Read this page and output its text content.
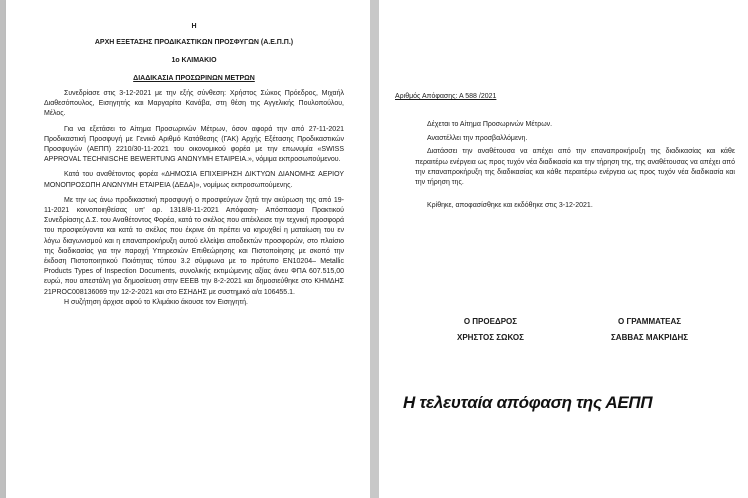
Η
ΑΡΧΗ ΕΞΕΤΑΣΗΣ ΠΡΟΔΙΚΑΣΤΙΚΩΝ ΠΡΟΣΦΥΓΩΝ (Α.Ε.Π.Π.)
1ο ΚΛΙΜΑΚΙΟ
ΔΙΑΔΙΚΑΣΙΑ ΠΡΟΣΩΡΙΝΩΝ ΜΕΤΡΩΝ

Συνεδρίασε στις 3-12-2021 με την εξής σύνθεση: Χρήστος Σώκος Πρόεδρος, Μιχαήλ Διαθεσόπουλος, Εισηγητής και Μαργαρίτα Κανάβα, στη θέση της Αγγελικής Πουλοπούλου, Μέλος.

Για να εξετάσει το Αίτημα Προσωρινών Μέτρων, όσον αφορά την από 27-11-2021 Προδικαστική Προσφυγή με Γενικό Αριθμό Κατάθεσης (ΓΑΚ) Αρχής Εξέτασης Προδικαστικών Προσφυγών (ΑΕΠΠ) 2210/30-11-2021 του οικονομικού φορέα με την επωνυμία «SWISS APPROVAL TECHNISCHE BEWERTUNG ΑΝΩΝΥΜΗ ΕΤΑΙΡΕΙΑ.», νόμιμα εκπροσωπούμενου.

Κατά του αναθέτοντος φορέα «ΔΗΜΟΣΙΑ ΕΠΙΧΕΙΡΗΣΗ ΔΙΚΤΥΩΝ ΔΙΑΝΟΜΗΣ ΑΕΡΙΟΥ ΜΟΝΟΠΡΟΣΩΠΗ ΑΝΩΝΥΜΗ ΕΤΑΙΡΕΙΑ (ΔΕΔΑ)», νομίμως εκπροσωπούμενης.

Με την ως άνω προδικαστική προσφυγή ο προσφεύγων ζητά την ακύρωση της από 19-11-2021 κοινοποιηθείσας υπ' αρ. 1318/8-11-2021 Απόφαση- Απόσπασμα Πρακτικού Συνεδρίασης Δ.Σ. του Αναθέτοντος Φορέα, κατά το σκέλος που απέκλεισε την τεχνική προσφορά του προσφεύγοντα και κατά το σκέλος που έκρινε ότι πρέπει να κηρυχθεί η ματαίωση του εν λόγω διαγωνισμού και η επαναπροκήρυξη αυτού ελλείψει αποδεκτών προσφορών, στο πλαίσιο της διαδικασίας για την παροχή Υπηρεσιών Επιθεώρησης και Πιστοποίησης με σκοπό την έκδοση Πιστοποιητικού Ποιότητας τύπου 3.2 σύμφωνα με το πρότυπο EN10204– Metallic Products Types of Inspection Documents, συνολικής εκτιμώμενης αξίας άνευ ΦΠΑ 607.515,00 ευρώ, που απεστάλη για δημοσίευση στην ΕΕΕΒ την 8-2-2021 και δημοσιεύθηκε στο ΚΗΜΔΗΣ 21PROC008136069 την 12-2-2021 και στο ΕΣΗΔΗΣ με συστημικό α/α 106455.1.

Η συζήτηση άρχισε αφού το Κλιμάκιο άκουσε τον Εισηγητή.

Αριθμός Απόφασης: Α 588 /2021
Δέχεται το Αίτημα Προσωρινών Μέτρων.
Αναστέλλει την προσβαλλόμενη.
Διατάσσει την αναθέτουσα να απέχει από την επαναπροκήρυξη της διαδικασίας και κάθε περαιτέρω ενέργεια ως προς τυχόν νέα διαδικασία και την τήρηση της, της αναθέτουσας να απέχει από την επαναπροκήρυξη της διαδικασίας και κάθε περαιτέρω ενέργεια ως προς τυχόν νέα διαδικασία και την τήρηση της.
Κρίθηκε, αποφασίσθηκε και εκδόθηκε στις 3-12-2021.
Ο ΠΡΟΕΔΡΟΣ
ΧΡΗΣΤΟΣ ΣΩΚΟΣ
Ο ΓΡΑΜΜΑΤΕΑΣ
ΣΑΒΒΑΣ ΜΑΚΡΙΔΗΣ
Η τελευταία απόφαση της ΑΕΠΠ
